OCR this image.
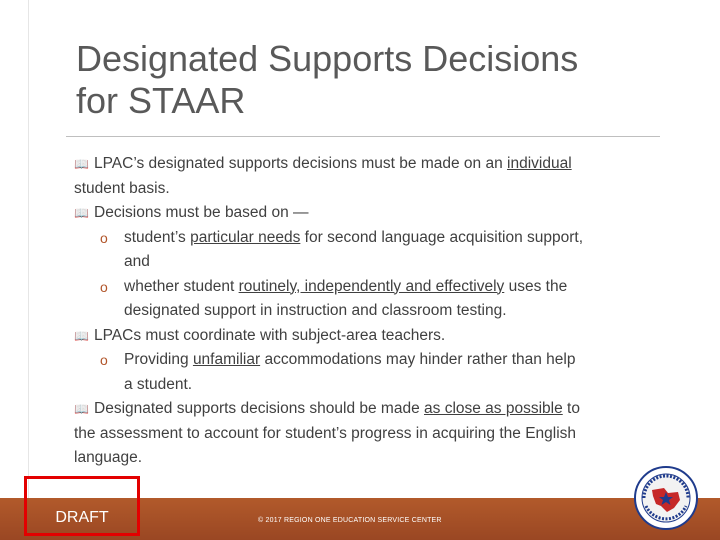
Designated Supports Decisions
for STAAR
📖 LPAC’s designated supports decisions must be made on an individual
student basis.
📖 Decisions must be based on —
o student’s particular needs for second language acquisition support,
and
o whether student routinely, independently and effectively uses the
designated support in instruction and classroom testing.
📖 LPACs must coordinate with subject-area teachers.
o Providing unfamiliar accommodations may hinder rather than help
a student.
📖 Designated supports decisions should be made as close as possible to
the assessment to account for student’s progress in acquiring the English
language.
DRAFT	© 2017 REGION ONE EDUCATION SERVICE CENTER
